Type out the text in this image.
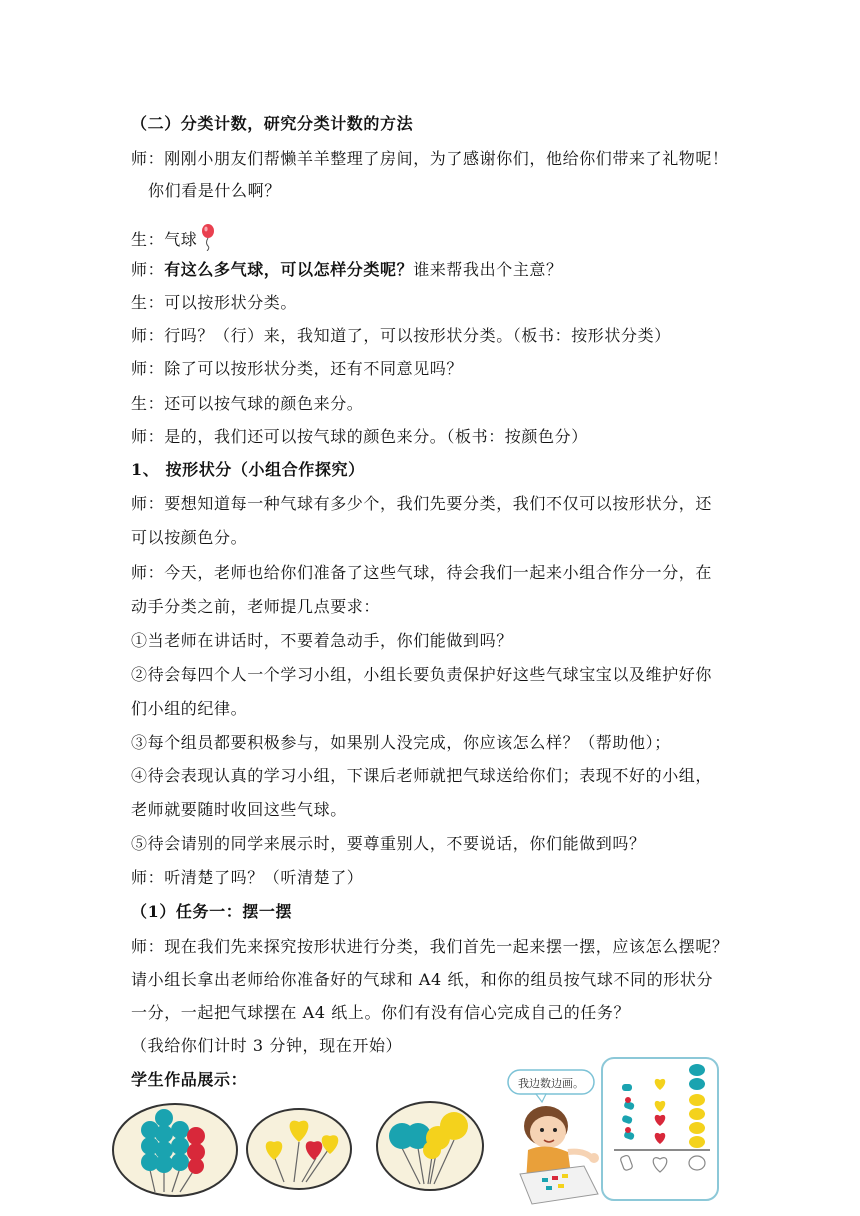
（二）分类计数，研究分类计数的方法
师：刚刚小朋友们帮懒羊羊整理了房间，为了感谢你们，他给你们带来了礼物呢！
你们看是什么啊？
生：气球
师：有这么多气球，可以怎样分类呢？谁来帮我出个主意？
生：可以按形状分类。
师：行吗？（行）来，我知道了，可以按形状分类。（板书：按形状分类）
师：除了可以按形状分类，还有不同意见吗？
生：还可以按气球的颜色来分。
师：是的，我们还可以按气球的颜色来分。（板书：按颜色分）
1、 按形状分（小组合作探究）
师：要想知道每一种气球有多少个，我们先要分类，我们不仅可以按形状分，还
可以按颜色分。
师：今天，老师也给你们准备了这些气球，待会我们一起来小组合作分一分，在
动手分类之前，老师提几点要求：
①当老师在讲话时，不要着急动手，你们能做到吗？
②待会每四个人一个学习小组，小组长要负责保护好这些气球宝宝以及维护好你
们小组的纪律。
③每个组员都要积极参与，如果别人没完成，你应该怎么样？（帮助他）；
④待会表现认真的学习小组，下课后老师就把气球送给你们；表现不好的小组，
老师就要随时收回这些气球。
⑤待会请别的同学来展示时，要尊重别人，不要说话，你们能做到吗？
师：听清楚了吗？（听清楚了）
（1）任务一：摆一摆
师：现在我们先来探究按形状进行分类，我们首先一起来摆一摆，应该怎么摆呢？
请小组长拿出老师给你准备好的气球和 A4 纸，和你的组员按气球不同的形状分
一分，一起把气球摆在 A4 纸上。你们有没有信心完成自己的任务？
（我给你们计时 3 分钟，现在开始）
学生作品展示：	我边数边画。
